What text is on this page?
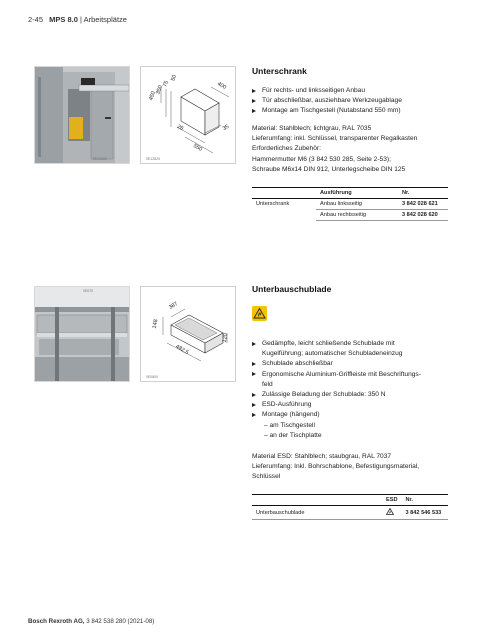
2-45 MPS 8.0 | Arbeitsplätze
0E12669
450
350
75
50
400
35
26
550
0E12829
Unterschrank
Für rechts- und linksseitigen Anbau
Tür abschließbar, ausziehbare Werkzeugablage
Montage am Tischgestell (Nutabstand 550 mm)
Material: Stahlblech; lichtgrau, RAL 7035
Lieferumfang: inkl. Schlüssel, transparenter Regalkasten
Erforderliches Zubehör:
Hammermutter M6 (3 842 530 285, Seite 2-53);
Schraube M6x14 DIN 912, Unterlegscheibe DIN 125
	Ausführung	Nr.
Unterschrank	Anbau linksseitig	3 842 028 621
	Anbau rechtsseitig	3 842 028 620
0E070
387
148
120
482,5
0E0800
Unterbauschublade
Gedämpfte, leicht schließende Schublade mit
Kugelführung; automatischer Schubladeneinzug
Schublade abschließbar
Ergonomische Aluminium-Griffleiste mit Beschriftungs-
feld
Zulässige Beladung der Schublade: 350 N
ESD-Ausführung
Montage (hängend)
– am Tischgestell
– an der Tischplatte
Material ESD: Stahlblech; staubgrau, RAL 7037
Lieferumfang: Inkl. Bohrschablone, Befestigungsmaterial,
Schlüssel
	ESD	Nr.
Unterbauschublade		3 842 546 533
Bosch Rexroth AG, 3 842 538 280 (2021-08)
